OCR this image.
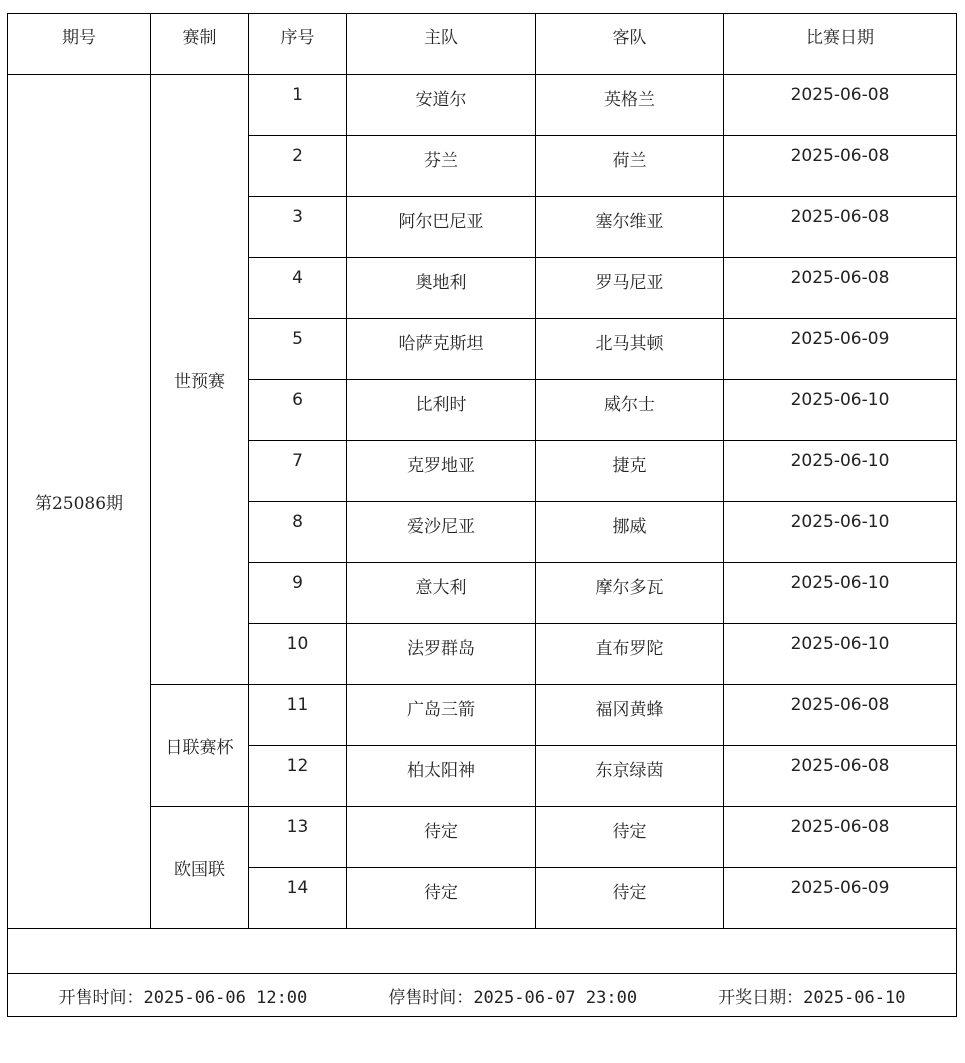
期号	赛制	序号	主队	客队	比赛日期
第25086期	世预赛	1	安道尔	英格兰	2025-06-08
		2	芬兰	荷兰	2025-06-08
		3	阿尔巴尼亚	塞尔维亚	2025-06-08
		4	奥地利	罗马尼亚	2025-06-08
		5	哈萨克斯坦	北马其顿	2025-06-09
		6	比利时	威尔士	2025-06-10
		7	克罗地亚	捷克	2025-06-10
		8	爱沙尼亚	挪威	2025-06-10
		9	意大利	摩尔多瓦	2025-06-10
		10	法罗群岛	直布罗陀	2025-06-10
	日联赛杯	11	广岛三箭	福冈黄蜂	2025-06-08
		12	柏太阳神	东京绿茵	2025-06-08
	欧国联	13	待定	待定	2025-06-08
		14	待定	待定	2025-06-09

开售时间：2025-06-06 12:00 停售时间：2025-06-07 23:00 开奖日期：2025-06-10					
